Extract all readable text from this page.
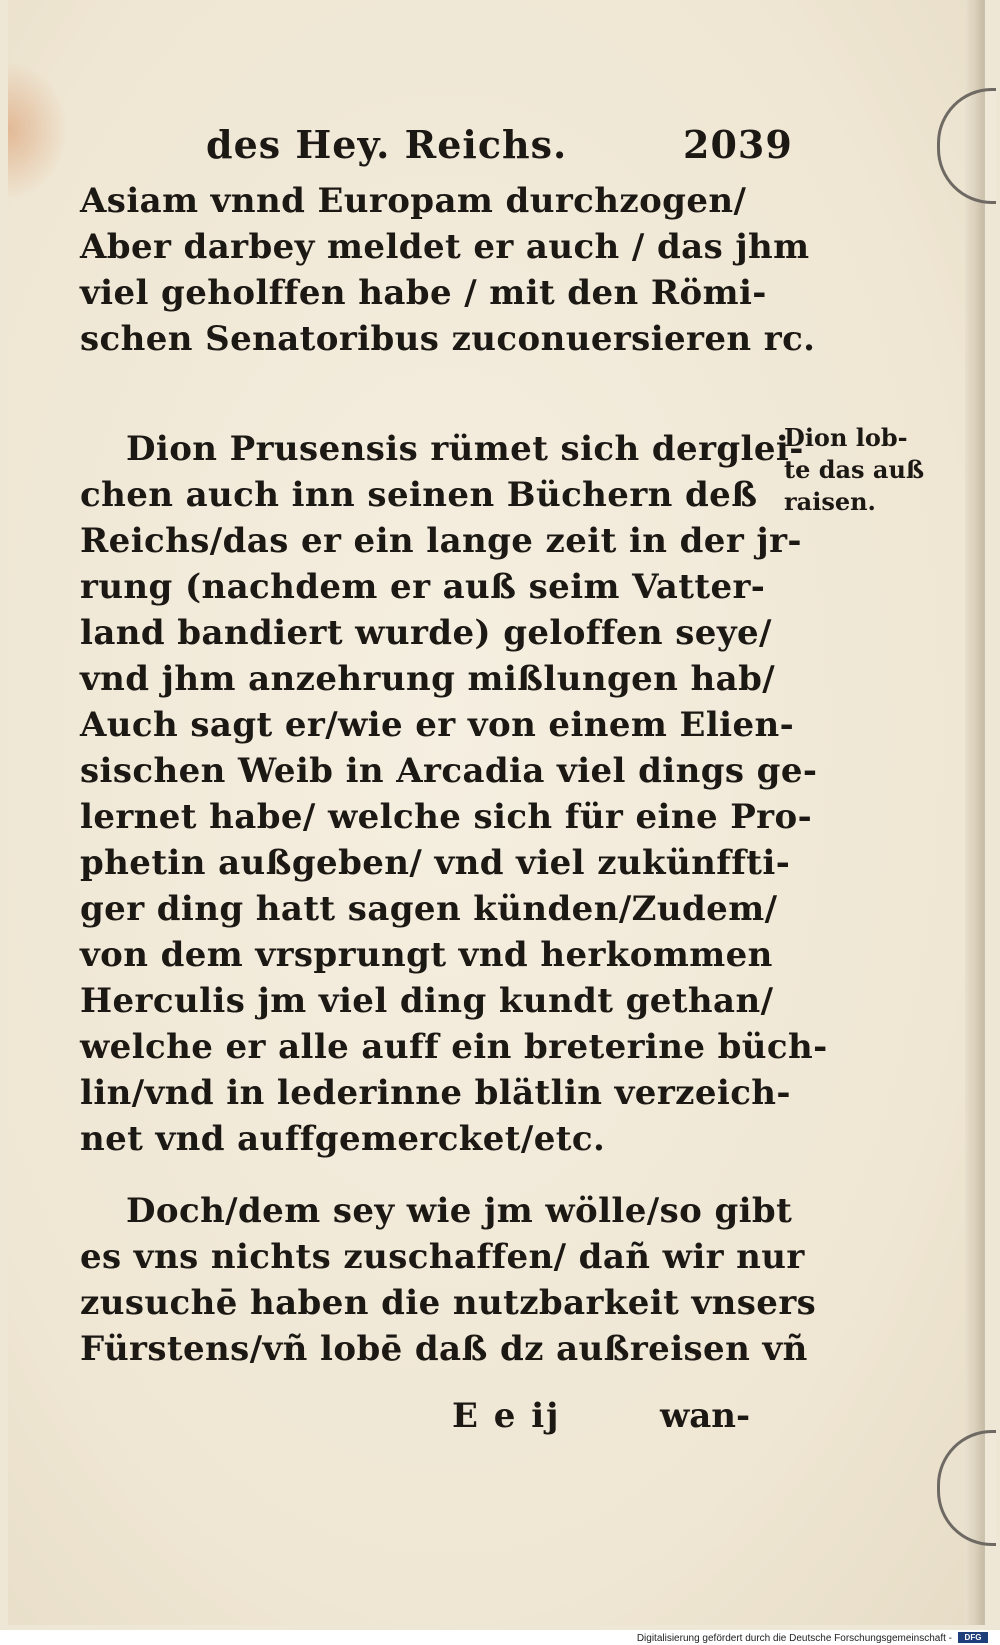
des Hey. Reichs.	2039
Asiam vnnd Europam durchzogen/
Aber darbey meldet er auch / das jhm
viel geholffen habe / mit den Römi-
schen Senatoribus zuconuersieren rc.
Dion Prusensis rümet sich derglei-
chen auch inn seinen Büchern deß
Reichs/das er ein lange zeit in der jr-
rung (nachdem er auß seim Vatter-
land bandiert wurde) geloffen seye/
vnd jhm anzehrung mißlungen hab/
Auch sagt er/wie er von einem Elien-
sischen Weib in Arcadia viel dings ge-
lernet habe/ welche sich für eine Pro-
phetin außgeben/ vnd viel zukünffti-
ger ding hatt sagen künden/Zudem/
von dem vrsprungt vnd herkommen
Herculis jm viel ding kundt gethan/
welche er alle auff ein breterine büch-
lin/vnd in lederinne blätlin verzeich-
net vnd auffgemercket/etc.
Dion lob-
te das auß
raisen.
Doch/dem sey wie jm wölle/so gibt
es vns nichts zuschaffen/ dañ wir nur
zusuchē haben die nutzbarkeit vnsers
Fürstens/vñ lobē daß dz außreisen vñ
E e ij	wan-
Digitalisierung gefördert durch die Deutsche Forschungsgemeinschaft -	DFG
